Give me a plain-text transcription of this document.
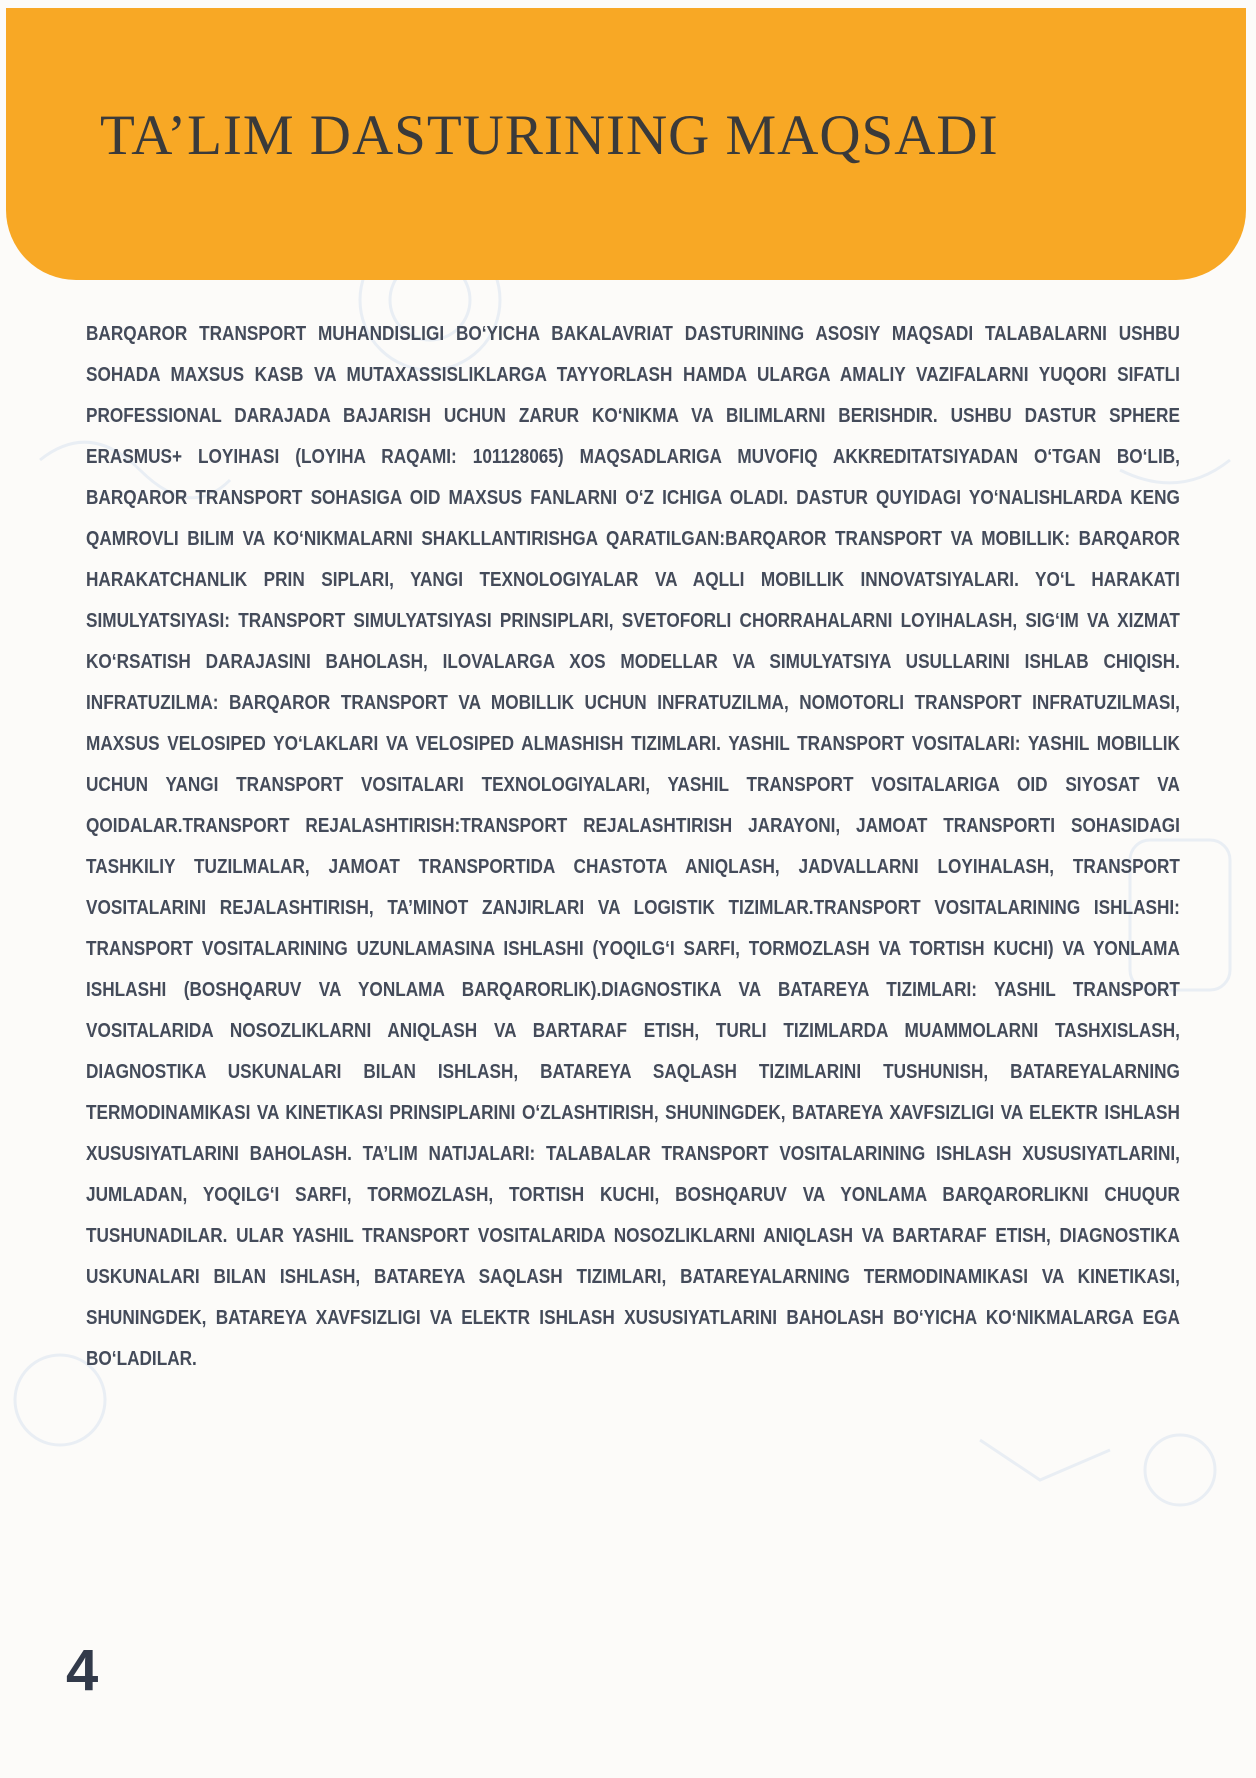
TA’LIM DASTURINING MAQSADI

BARQAROR TRANSPORT MUHANDISLIGI BO‘YICHA BAKALAVRIAT DASTURINING ASOSIY MAQSADI TALABALARNI USHBU SOHADA MAXSUS KASB VA MUTAXASSISLIKLARGA TAYYORLASH HAMDA ULARGA AMALIY VAZIFALARNI YUQORI SIFATLI PROFESSIONAL DARAJADA BAJARISH UCHUN ZARUR KO‘NIKMA VA BILIMLARNI BERISHDIR. USHBU DASTUR SPHERE ERASMUS+ LOYIHASI (LOYIHA RAQAMI: 101128065) MAQSADLARIGA MUVOFIQ AKKREDITATSIYADAN O‘TGAN BO‘LIB, BARQAROR TRANSPORT SOHASIGA OID MAXSUS FANLARNI O‘Z ICHIGA OLADI. DASTUR QUYIDAGI YO‘NALISHLARDA KENG QAMROVLI BILIM VA KO‘NIKMALARNI SHAKLLANTIRISHGA QARATILGAN:BARQAROR TRANSPORT VA MOBILLIK: BARQAROR HARAKATCHANLIK PRIN SIPLARI, YANGI TEXNOLOGIYALAR VA AQLLI MOBILLIK INNOVATSIYALARI. YO‘L HARAKATI SIMULYATSIYASI: TRANSPORT SIMULYATSIYASI PRINSIPLARI, SVETOFORLI CHORRAHALARNI LOYIHALASH, SIG‘IM VA XIZMAT KO‘RSATISH DARAJASINI BAHOLASH, ILOVALARGA XOS MODELLAR VA SIMULYATSIYA USULLARINI ISHLAB CHIQISH. INFRATUZILMA: BARQAROR TRANSPORT VA MOBILLIK UCHUN INFRATUZILMA, NOMOTORLI TRANSPORT INFRATUZILMASI, MAXSUS VELOSIPED YO‘LAKLARI VA VELOSIPED ALMASHISH TIZIMLARI. YASHIL TRANSPORT VOSITALARI: YASHIL MOBILLIK UCHUN YANGI TRANSPORT VOSITALARI TEXNOLOGIYALARI, YASHIL TRANSPORT VOSITALARIGA OID SIYOSAT VA QOIDALAR.TRANSPORT REJALASHTIRISH:TRANSPORT REJALASHTIRISH JARAYONI, JAMOAT TRANSPORTI SOHASIDAGI TASHKILIY TUZILMALAR, JAMOAT TRANSPORTIDA CHASTOTA ANIQLASH, JADVALLARNI LOYIHALASH, TRANSPORT VOSITALARINI REJALASHTIRISH, TA’MINOT ZANJIRLARI VA LOGISTIK TIZIMLAR.TRANSPORT VOSITALARINING ISHLASHI: TRANSPORT VOSITALARINING UZUNLAMASINA ISHLASHI (YOQILG‘I SARFI, TORMOZLASH VA TORTISH KUCHI) VA YONLAMA ISHLASHI (BOSHQARUV VA YONLAMA BARQARORLIK).DIAGNOSTIKA VA BATAREYA TIZIMLARI: YASHIL TRANSPORT VOSITALARIDA NOSOZLIKLARNI ANIQLASH VA BARTARAF ETISH, TURLI TIZIMLARDA MUAMMOLARNI TASHXISLASH, DIAGNOSTIKA USKUNALARI BILAN ISHLASH, BATAREYA SAQLASH TIZIMLARINI TUSHUNISH, BATAREYALARNING TERMODINAMIKASI VA KINETIKASI PRINSIPLARINI O‘ZLASHTIRISH, SHUNINGDEK, BATAREYA XAVFSIZLIGI VA ELEKTR ISHLASH XUSUSIYATLARINI BAHOLASH. TA’LIM NATIJALARI: TALABALAR TRANSPORT VOSITALARINING ISHLASH XUSUSIYATLARINI, JUMLADAN, YOQILG‘I SARFI, TORMOZLASH, TORTISH KUCHI, BOSHQARUV VA YONLAMA BARQARORLIKNI CHUQUR TUSHUNADILAR. ULAR YASHIL TRANSPORT VOSITALARIDA NOSOZLIKLARNI ANIQLASH VA BARTARAF ETISH, DIAGNOSTIKA USKUNALARI BILAN ISHLASH, BATAREYA SAQLASH TIZIMLARI, BATAREYALARNING TERMODINAMIKASI VA KINETIKASI, SHUNINGDEK, BATAREYA XAVFSIZLIGI VA ELEKTR ISHLASH XUSUSIYATLARINI BAHOLASH BO‘YICHA KO‘NIKMALARGA EGA BO‘LADILAR.

4
